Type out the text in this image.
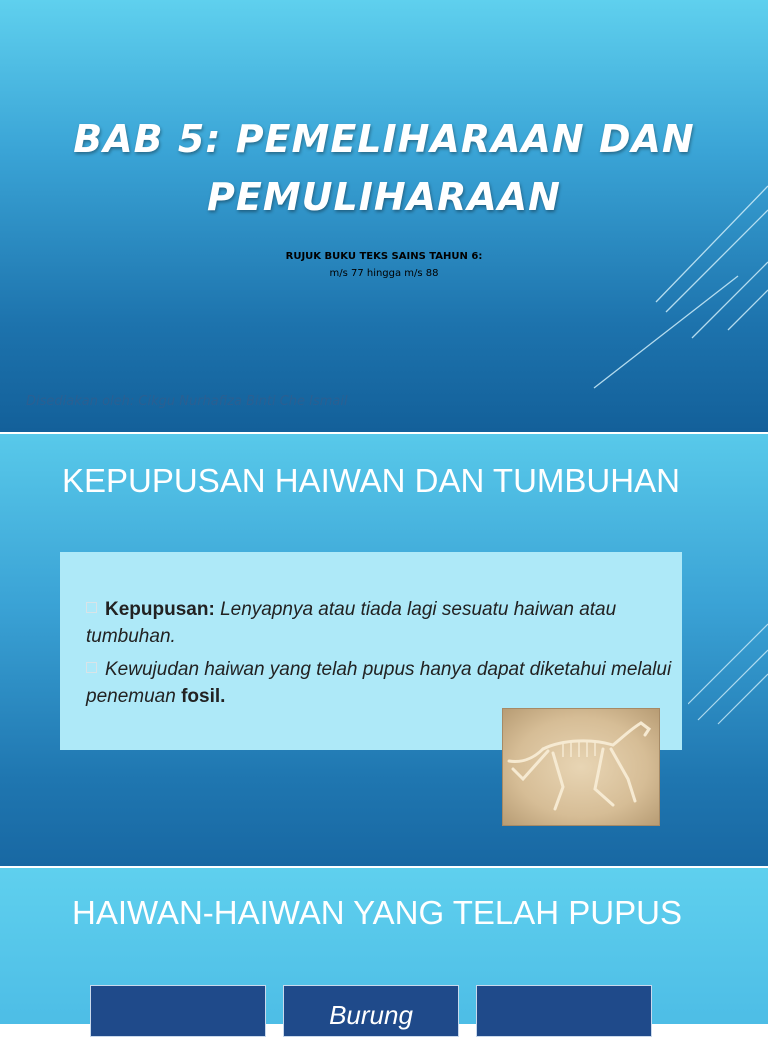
BAB 5: PEMELIHARAAN DAN PEMULIHARAAN
RUJUK BUKU TEKS SAINS TAHUN 6:
m/s 77 hingga m/s 88
Disediakan oleh: Cikgu Nurhafiza Binti Che Ismail
KEPUPUSAN HAIWAN DAN TUMBUHAN
Kepupusan: Lenyapnya atau tiada lagi sesuatu haiwan atau tumbuhan.
Kewujudan haiwan yang telah pupus hanya dapat diketahui melalui penemuan fosil.
HAIWAN-HAIWAN YANG TELAH PUPUS
Burung
